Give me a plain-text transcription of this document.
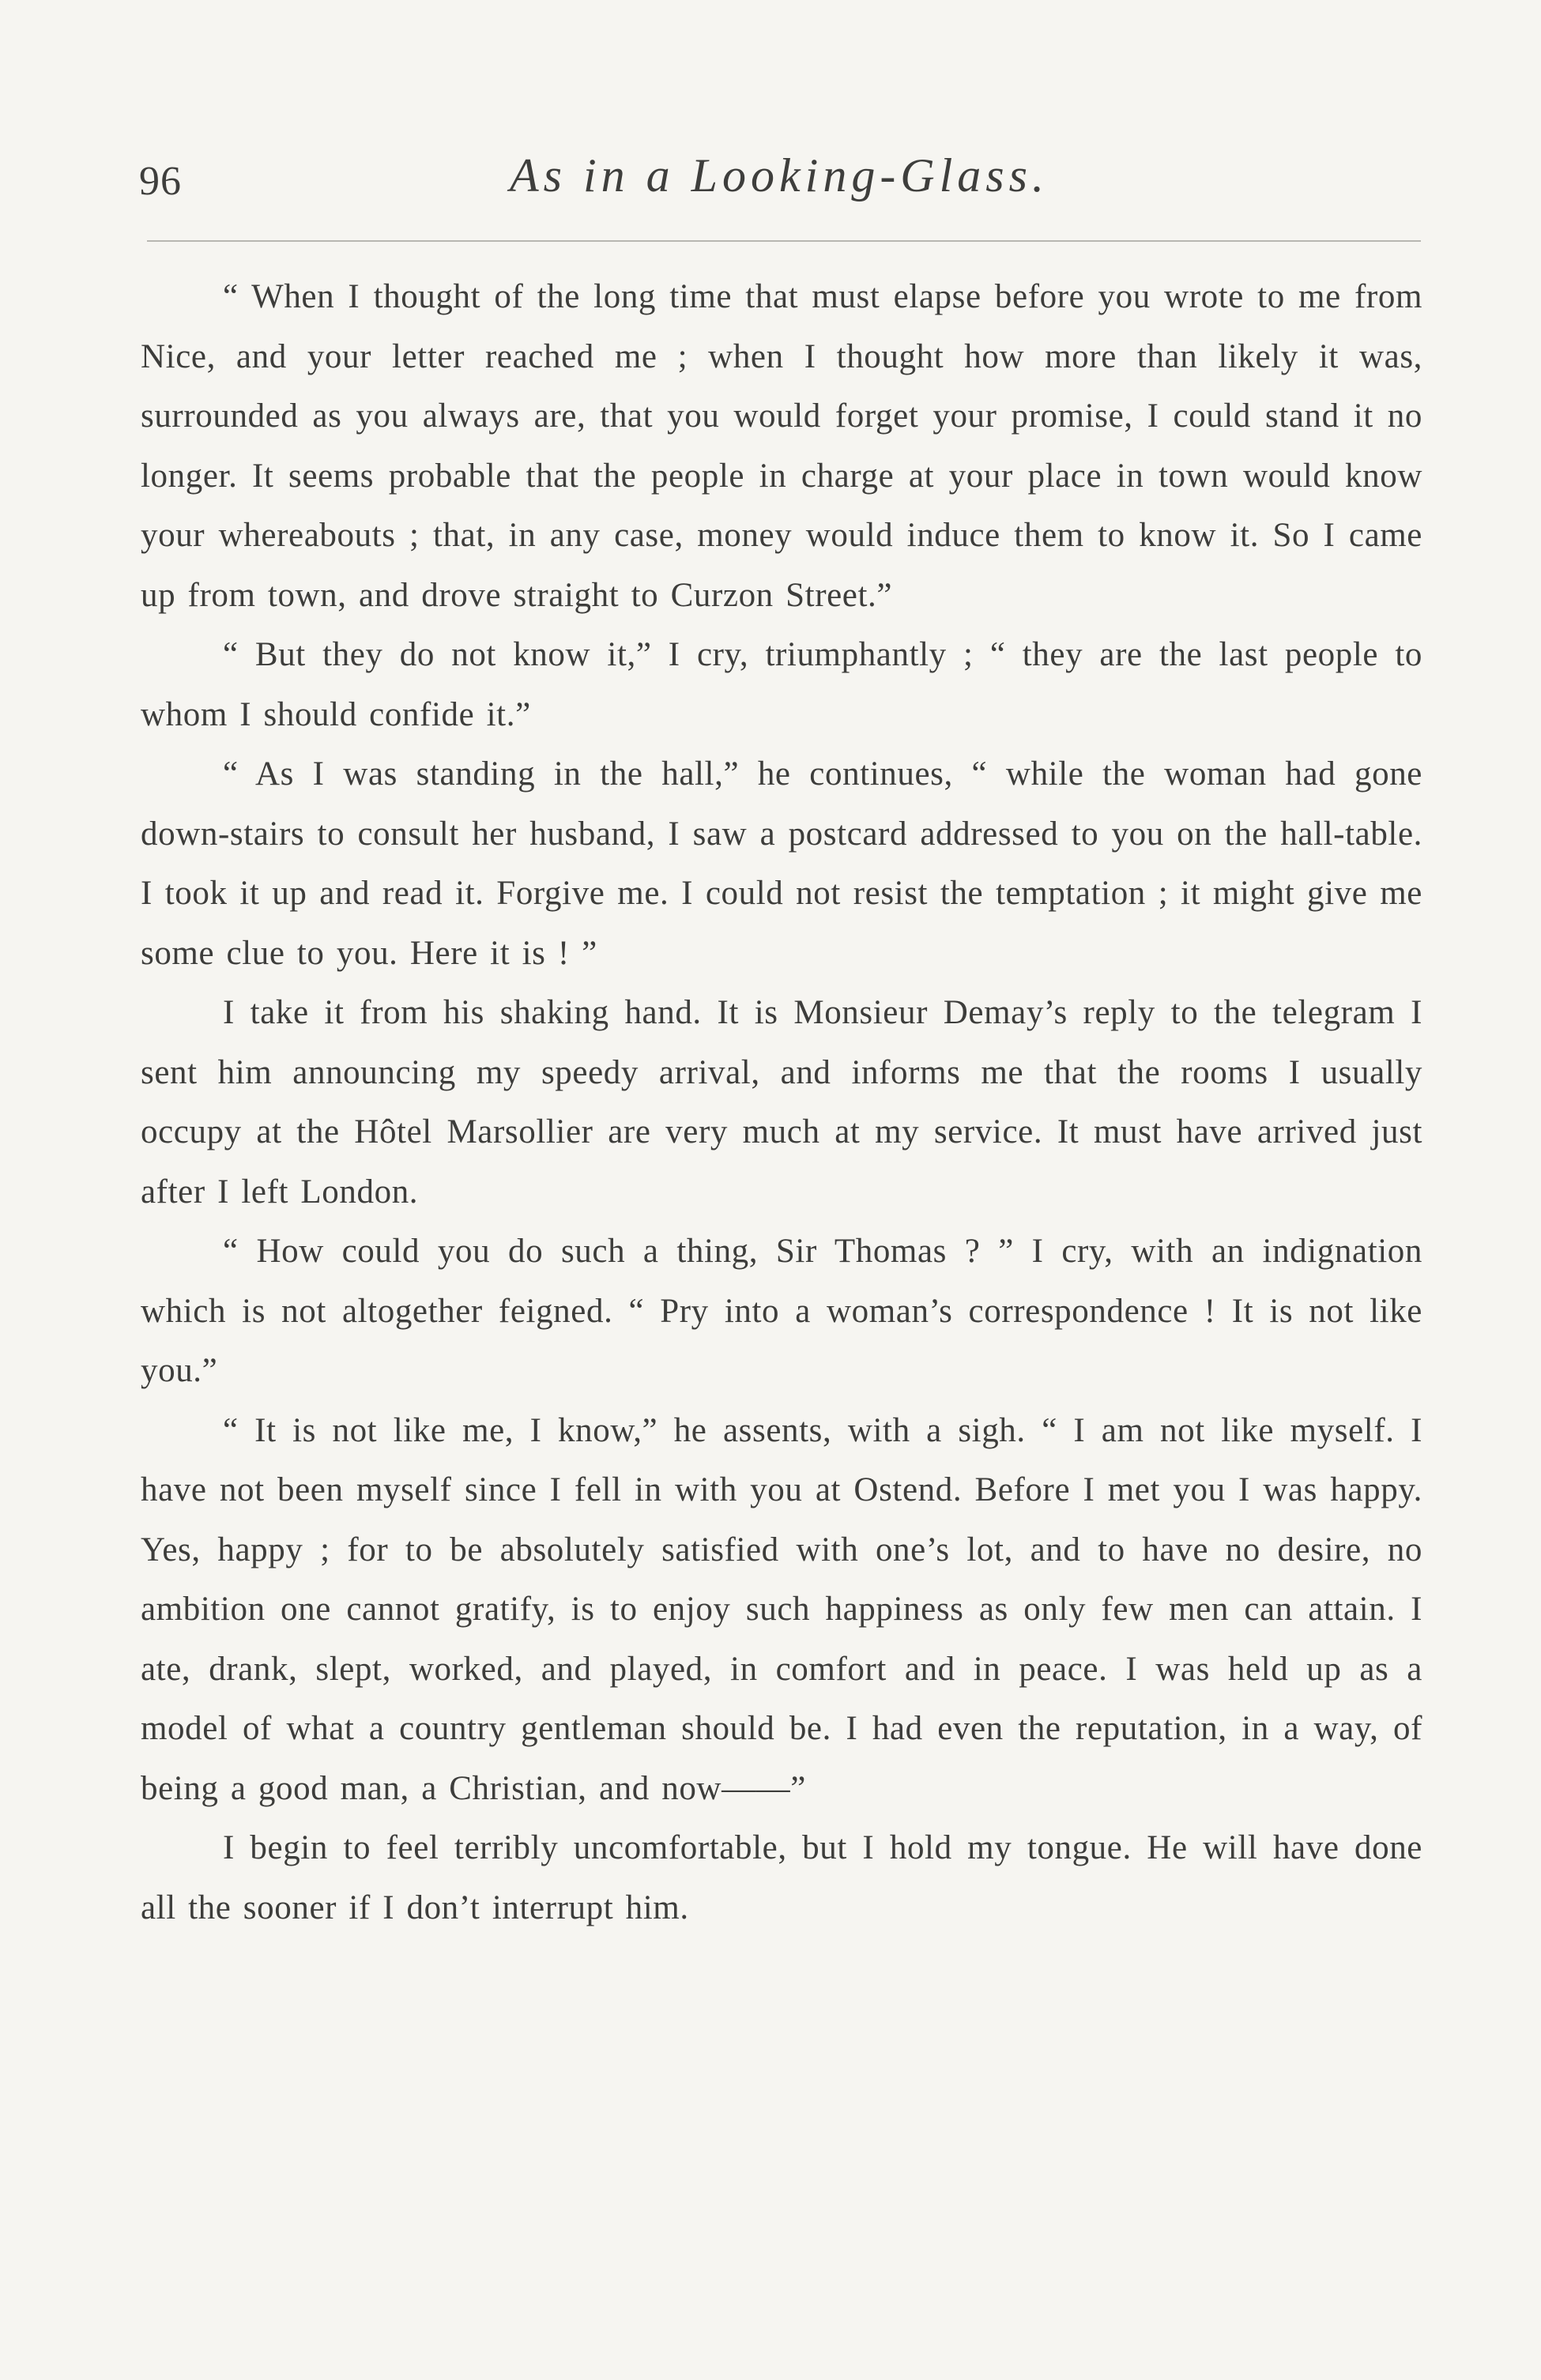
96	As in a Looking-Glass.

“ When I thought of the long time that must elapse before you wrote to me from Nice, and your letter reached me ; when I thought how more than likely it was, surrounded as you always are, that you would forget your promise, I could stand it no longer. It seems probable that the people in charge at your place in town would know your whereabouts ; that, in any case, money would induce them to know it. So I came up from town, and drove straight to Curzon Street.”

“ But they do not know it,” I cry, triumphantly ; “ they are the last people to whom I should confide it.”

“ As I was standing in the hall,” he continues, “ while the woman had gone down-stairs to consult her husband, I saw a postcard addressed to you on the hall-table. I took it up and read it. Forgive me. I could not resist the temptation ; it might give me some clue to you. Here it is ! ”

I take it from his shaking hand. It is Monsieur Demay’s reply to the telegram I sent him announcing my speedy arrival, and informs me that the rooms I usually occupy at the Hôtel Marsollier are very much at my service. It must have arrived just after I left London.

“ How could you do such a thing, Sir Thomas ? ” I cry, with an indignation which is not altogether feigned. “ Pry into a woman’s correspondence ! It is not like you.”

“ It is not like me, I know,” he assents, with a sigh. “ I am not like myself. I have not been myself since I fell in with you at Ostend. Before I met you I was happy. Yes, happy ; for to be absolutely satisfied with one’s lot, and to have no desire, no ambition one cannot gratify, is to enjoy such happiness as only few men can attain. I ate, drank, slept, worked, and played, in comfort and in peace. I was held up as a model of what a country gentleman should be. I had even the reputation, in a way, of being a good man, a Christian, and now——”

I begin to feel terribly uncomfortable, but I hold my tongue. He will have done all the sooner if I don’t interrupt him.
